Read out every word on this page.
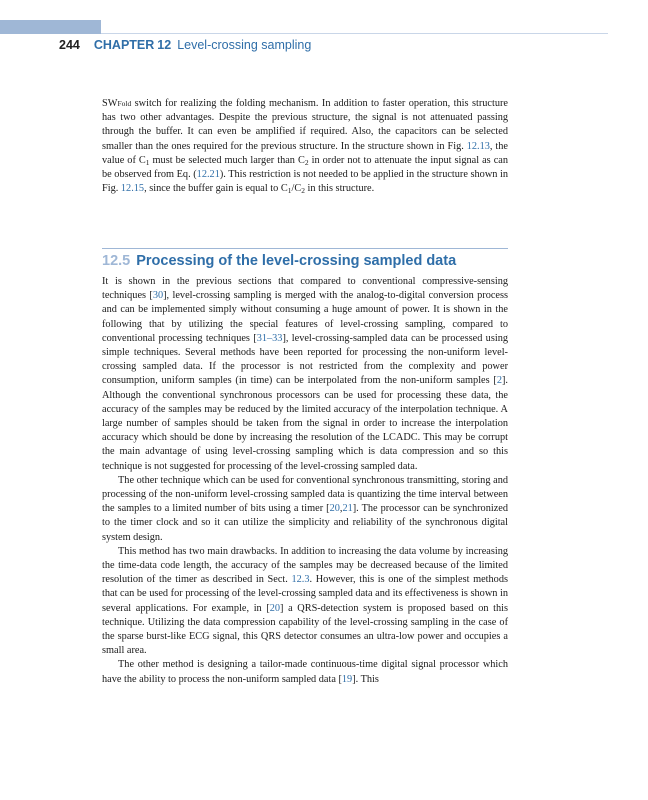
244 CHAPTER 12 Level-crossing sampling

SWFold switch for realizing the folding mechanism. In addition to faster operation, this structure has two other advantages. Despite the previous structure, the signal is not attenuated passing through the buffer. It can even be amplified if required. Also, the capacitors can be selected smaller than the ones required for the previous structure. In the structure shown in Fig. 12.13, the value of $C_1$ must be selected much larger than $C_2$ in order not to attenuate the input signal as can be observed from Eq. (12.21). This restriction is not needed to be applied in the structure shown in Fig. 12.15, since the buffer gain is equal to $C_1/C_2$ in this structure.

12.5 Processing of the level-crossing sampled data

It is shown in the previous sections that compared to conventional compressive-sensing techniques [30], level-crossing sampling is merged with the analog-to-digital conversion process and can be implemented simply without consuming a huge amount of power. It is shown in the following that by utilizing the special features of level-crossing sampling, compared to conventional processing techniques [31–33], level-crossing-sampled data can be processed using simple techniques. Several methods have been reported for processing the non-uniform level-crossing sampled data. If the processor is not restricted from the complexity and power consumption, uniform samples (in time) can be interpolated from the non-uniform samples [2]. Although the conventional synchronous processors can be used for processing these data, the accuracy of the samples may be reduced by the limited accuracy of the interpolation technique. A large number of samples should be taken from the signal in order to increase the interpolation accuracy which should be done by increasing the resolution of the LCADC. This may be corrupt the main advantage of using level-crossing sampling which is data compression and so this technique is not suggested for processing of the level-crossing sampled data.

The other technique which can be used for conventional synchronous transmitting, storing and processing of the non-uniform level-crossing sampled data is quantizing the time interval between the samples to a limited number of bits using a timer [20,21]. The processor can be synchronized to the timer clock and so it can utilize the simplicity and reliability of the synchronous digital system design.

This method has two main drawbacks. In addition to increasing the data volume by increasing the time-data code length, the accuracy of the samples may be decreased because of the limited resolution of the timer as described in Sect. 12.3. However, this is one of the simplest methods that can be used for processing of the level-crossing sampled data and its effectiveness is shown in several applications. For example, in [20] a QRS-detection system is proposed based on this technique. Utilizing the data compression capability of the level-crossing sampling in the case of the sparse burst-like ECG signal, this QRS detector consumes an ultra-low power and occupies a small area.

The other method is designing a tailor-made continuous-time digital signal processor which have the ability to process the non-uniform sampled data [19]. This
